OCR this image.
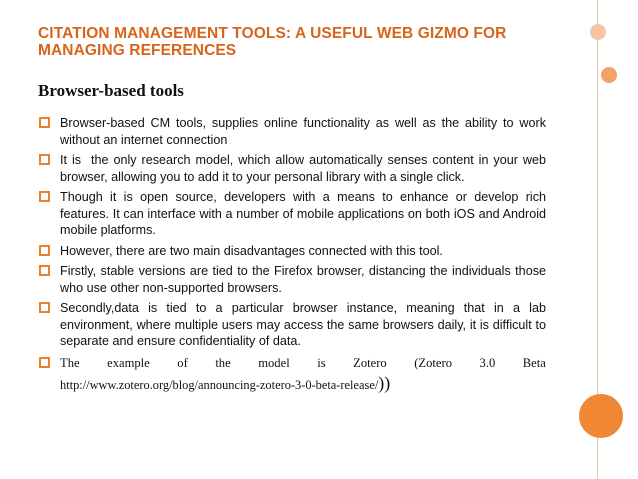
CITATION MANAGEMENT TOOLS: A USEFUL WEB GIZMO FOR MANAGING REFERENCES
Browser-based tools
Browser-based CM tools, supplies online functionality as well as the ability to work without an internet connection
It is  the only research model, which allow automatically senses content in your web browser, allowing you to add it to your personal library with a single click.
Though it is open source, developers with a means to enhance or develop rich features. It can interface with a number of mobile applications on both iOS and Android mobile platforms.
However, there are two main disadvantages connected with this tool.
Firstly, stable versions are tied to the Firefox browser, distancing the individuals those who use other non-supported browsers.
Secondly,data is tied to a particular browser instance, meaning that in a lab environment, where multiple users may access the same browsers daily, it is difficult to separate and ensure confidentiality of data.
The example of the model is Zotero (Zotero 3.0 Beta
http://www.zotero.org/blog/announcing-zotero-3-0-beta-release/))
